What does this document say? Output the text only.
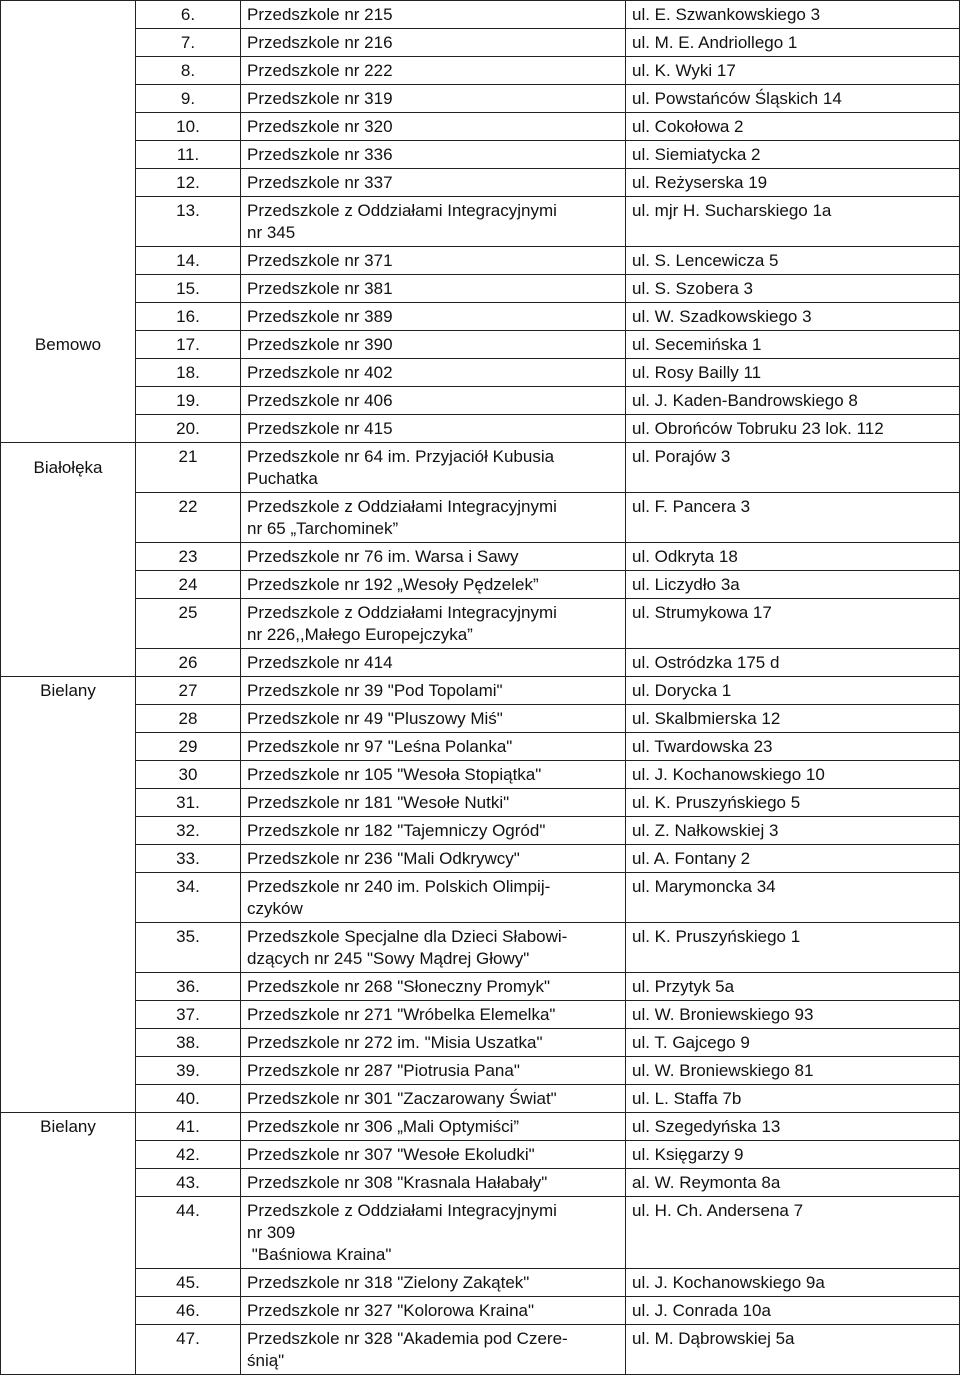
	6.	Przedszkole nr 215	ul. E. Szwankowskiego 3

	7.	Przedszkole nr 216	ul. M. E. Andriollego 1

	8.	Przedszkole nr 222	ul. K. Wyki 17

	9.	Przedszkole nr 319	ul. Powstańców Śląskich 14

	10.	Przedszkole nr 320	ul. Cokołowa 2

	11.	Przedszkole nr 336	ul. Siemiatycka 2

	12.	Przedszkole nr 337	ul. Reżyserska 19

	13.	Przedszkole z Oddziałami Integracyjnymi
nr 345	ul. mjr H. Sucharskiego 1a

	14.	Przedszkole nr 371	ul. S. Lencewicza 5

	15.	Przedszkole nr 381	ul. S. Szobera 3

	16.	Przedszkole nr 389	ul. W. Szadkowskiego 3

Bemowo	17.	Przedszkole nr 390	ul. Secemińska 1

	18.	Przedszkole nr 402	ul. Rosy Bailly 11

	19.	Przedszkole nr 406	ul. J. Kaden-Bandrowskiego 8

	20.	Przedszkole nr 415	ul. Obrońców Tobruku 23 lok. 112

Białołęka	21	Przedszkole nr 64 im. Przyjaciół Kubusia
Puchatka	ul. Porajów 3

	22	Przedszkole z Oddziałami Integracyjnymi
nr 65 „Tarchominek”	ul. F. Pancera 3

	23	Przedszkole nr 76 im. Warsa i Sawy	ul. Odkryta 18

	24	Przedszkole nr 192 „Wesoły Pędzelek”	ul. Liczydło 3a

	25	Przedszkole z Oddziałami Integracyjnymi
nr 226,,Małego Europejczyka”	ul. Strumykowa 17

	26	Przedszkole nr 414	ul. Ostródzka 175 d

Bielany	27	Przedszkole nr 39 "Pod Topolami"	ul. Dorycka 1

	28	Przedszkole nr 49 "Pluszowy Miś"	ul. Skalbmierska 12

	29	Przedszkole nr 97 "Leśna Polanka"	ul. Twardowska 23

	30	Przedszkole nr 105 "Wesoła Stopiątka"	ul. J. Kochanowskiego 10

	31.	Przedszkole nr 181 "Wesołe Nutki"	ul. K. Pruszyńskiego 5

	32.	Przedszkole nr 182 "Tajemniczy Ogród"	ul. Z. Nałkowskiej 3

	33.	Przedszkole nr 236 "Mali Odkrywcy"	ul. A. Fontany 2

	34.	Przedszkole nr 240 im. Polskich Olimpij-
czyków	ul. Marymoncka 34

	35.	Przedszkole Specjalne dla Dzieci Słabowi-
dzących nr 245 "Sowy Mądrej Głowy"	ul. K. Pruszyńskiego 1

	36.	Przedszkole nr 268 "Słoneczny Promyk"	ul. Przytyk 5a

	37.	Przedszkole nr 271 "Wróbelka Elemelka"	ul. W. Broniewskiego 93

	38.	Przedszkole nr 272 im. "Misia Uszatka"	ul. T. Gajcego 9

	39.	Przedszkole nr 287 "Piotrusia Pana"	ul. W. Broniewskiego 81

	40.	Przedszkole nr 301 "Zaczarowany Świat"	ul. L. Staffa 7b

Bielany	41.	Przedszkole nr 306 „Mali Optymiści”	ul. Szegedyńska 13

	42.	Przedszkole nr 307 "Wesołe Ekoludki"	ul. Księgarzy 9

	43.	Przedszkole nr 308 "Krasnala Hałabały"	al. W. Reymonta 8a

	44.	Przedszkole z Oddziałami Integracyjnymi
nr 309
"Baśniowa Kraina"	ul. H. Ch. Andersena 7

	45.	Przedszkole nr 318 "Zielony Zakątek"	ul. J. Kochanowskiego 9a

	46.	Przedszkole nr 327 "Kolorowa Kraina"	ul. J. Conrada 10a

	47.	Przedszkole nr 328 "Akademia pod Czere-
śnią"	ul. M. Dąbrowskiej 5a
